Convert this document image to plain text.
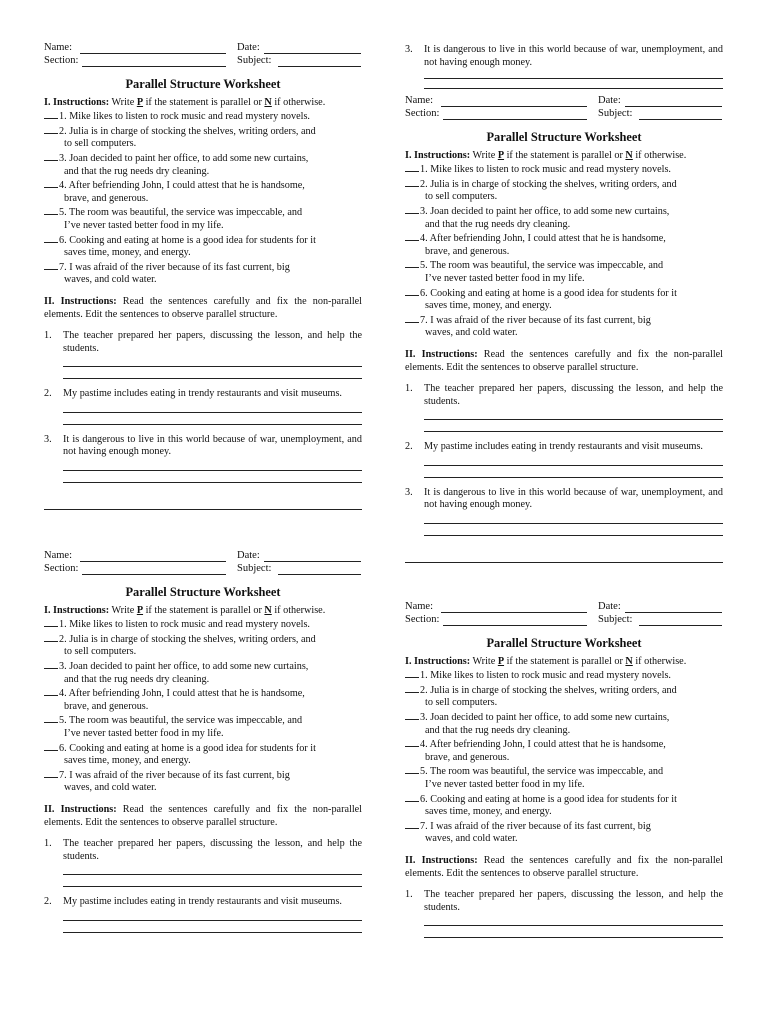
3. It is dangerous to live in this world because of war, unemployment, and not having enough money.
Name:	Date:
Section:	Subject:
Parallel Structure Worksheet

I. Instructions: Write P if the statement is parallel or N if otherwise.

1. Mike likes to listen to rock music and read mystery novels.
2. Julia is in charge of stocking the shelves, writing orders, and
to sell computers.
3. Joan decided to paint her office, to add some new curtains,
and that the rug needs dry cleaning.
4. After befriending John, I could attest that he is handsome,
brave, and generous.
5. The room was beautiful, the service was impeccable, and
I’ve never tasted better food in my life.
6. Cooking and eating at home is a good idea for students for it
saves time, money, and energy.
7. I was afraid of the river because of its fast current, big
waves, and cold water.

II. Instructions: Read the sentences carefully and fix the non-parallel elements. Edit the sentences to observe parallel structure.

1. The teacher prepared her papers, discussing the lesson, and help the students.
2. My pastime includes eating in trendy restaurants and visit museums.
3. It is dangerous to live in this world because of war, unemployment, and not having enough money.
Name:	Date:
Section:	Subject:
Parallel Structure Worksheet

I. Instructions: Write P if the statement is parallel or N if otherwise.

1. Mike likes to listen to rock music and read mystery novels.
2. Julia is in charge of stocking the shelves, writing orders, and
to sell computers.
3. Joan decided to paint her office, to add some new curtains,
and that the rug needs dry cleaning.
4. After befriending John, I could attest that he is handsome,
brave, and generous.
5. The room was beautiful, the service was impeccable, and
I’ve never tasted better food in my life.
6. Cooking and eating at home is a good idea for students for it
saves time, money, and energy.
7. I was afraid of the river because of its fast current, big
waves, and cold water.

II. Instructions: Read the sentences carefully and fix the non-parallel elements. Edit the sentences to observe parallel structure.

1. The teacher prepared her papers, discussing the lesson, and help the students.
2. My pastime includes eating in trendy restaurants and visit museums.
3. It is dangerous to live in this world because of war, unemployment, and not having enough money.
Name:	Date:
Section:	Subject:
Parallel Structure Worksheet

I. Instructions: Write P if the statement is parallel or N if otherwise.

1. Mike likes to listen to rock music and read mystery novels.
2. Julia is in charge of stocking the shelves, writing orders, and
to sell computers.
3. Joan decided to paint her office, to add some new curtains,
and that the rug needs dry cleaning.
4. After befriending John, I could attest that he is handsome,
brave, and generous.
5. The room was beautiful, the service was impeccable, and
I’ve never tasted better food in my life.
6. Cooking and eating at home is a good idea for students for it
saves time, money, and energy.
7. I was afraid of the river because of its fast current, big
waves, and cold water.

II. Instructions: Read the sentences carefully and fix the non-parallel elements. Edit the sentences to observe parallel structure.

1. The teacher prepared her papers, discussing the lesson, and help the students.
2. My pastime includes eating in trendy restaurants and visit museums.
Name:	Date:
Section:	Subject:
Parallel Structure Worksheet

I. Instructions: Write P if the statement is parallel or N if otherwise.

1. Mike likes to listen to rock music and read mystery novels.
2. Julia is in charge of stocking the shelves, writing orders, and
to sell computers.
3. Joan decided to paint her office, to add some new curtains,
and that the rug needs dry cleaning.
4. After befriending John, I could attest that he is handsome,
brave, and generous.
5. The room was beautiful, the service was impeccable, and
I’ve never tasted better food in my life.
6. Cooking and eating at home is a good idea for students for it
saves time, money, and energy.
7. I was afraid of the river because of its fast current, big
waves, and cold water.

II. Instructions: Read the sentences carefully and fix the non-parallel elements. Edit the sentences to observe parallel structure.

1. The teacher prepared her papers, discussing the lesson, and help the students.
